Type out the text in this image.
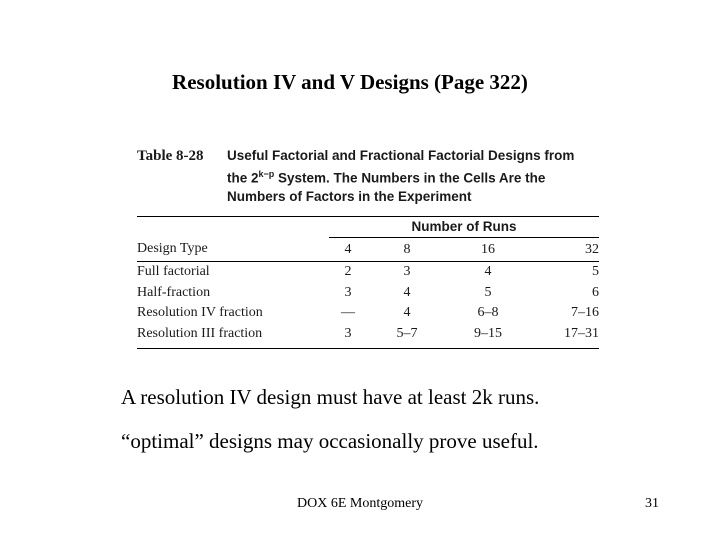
Resolution IV and V Designs (Page 322)
Table 8-28	Useful Factorial and Fractional Factorial Designs from
the $2^{k-p}$ System. The Numbers in the Cells Are the
Numbers of Factors in the Experiment
	Number of Runs			
Design Type	4	8	16	32
Full factorial	2	3	4	5
Half-fraction	3	4	5	6
Resolution IV fraction	—	4	6–8	7–16
Resolution III fraction	3	5–7	9–15	17–31
A resolution IV design must have at least 2k runs.
“optimal” designs may occasionally prove useful.
DOX 6E Montgomery	31
